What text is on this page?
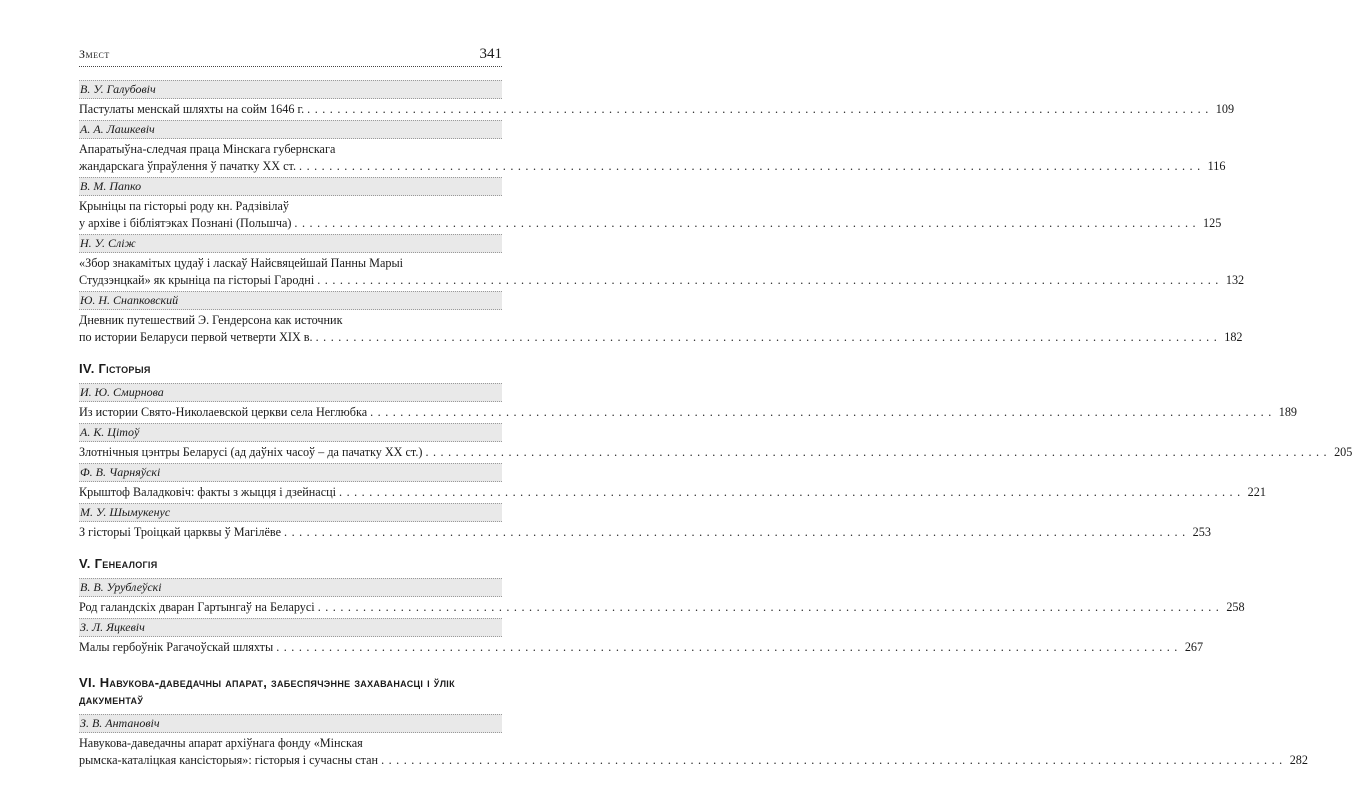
Змест	341
В. У. Галубовіч
Пастулаты менскай шляхты на сойм 1646 г. ........................................................................................................................ 109
А. А. Лашкевіч
Апаратыўна-следчая праца Мінскага губернскага
жандарскага ўпраўлення ў пачатку ХХ ст. ........................................................................................................................ 116
В. М. Папко
Крыніцы па гісторыі роду кн. Радзівілаў
у архіве і бібліятэках Познані (Польшча) ........................................................................................................................ 125
Н. У. Сліж
«Збор знакамітых цудаў і ласкаў Найсвяцейшай Панны Марыі
Студзэнцкай» як крыніца па гісторыі Гародні ........................................................................................................................ 132
Ю. Н. Снапковский
Дневник путешествий Э. Гендерсона как источник
по истории Беларуси первой четверти XIX в. ........................................................................................................................ 182
IV. Гісторыя
И. Ю. Смирнова
Из истории Свято-Николаевской церкви села Неглюбка ........................................................................................................................ 189
А. К. Цітоў
Злотнічныя цэнтры Беларусі (ад даўніх часоў – да пачатку ХХ ст.) ........................................................................................................................ 205
Ф. В. Чарняўскі
Крыштоф Валадковіч: факты з жыцця і дзейнасці ........................................................................................................................ 221
М. У. Шымукенус
З гісторыі Троіцкай царквы ў Магілёве ........................................................................................................................ 253
V. Генеалогія
В. В. Урублеўскі
Род галандскіх дваран Гартынгаў на Беларусі ........................................................................................................................ 258
З. Л. Яцкевіч
Малы гербоўнік Рагачоўскай шляхты ........................................................................................................................ 267
VI. Навукова-даведачны апарат, забеспячэнне захаванасці і ўлік дакументаў
З. В. Антановіч
Навукова-даведачны апарат архіўнага фонду «Мінская
рымска-каталіцкая кансісторыя»: гісторыя і сучасны стан ........................................................................................................................ 282
